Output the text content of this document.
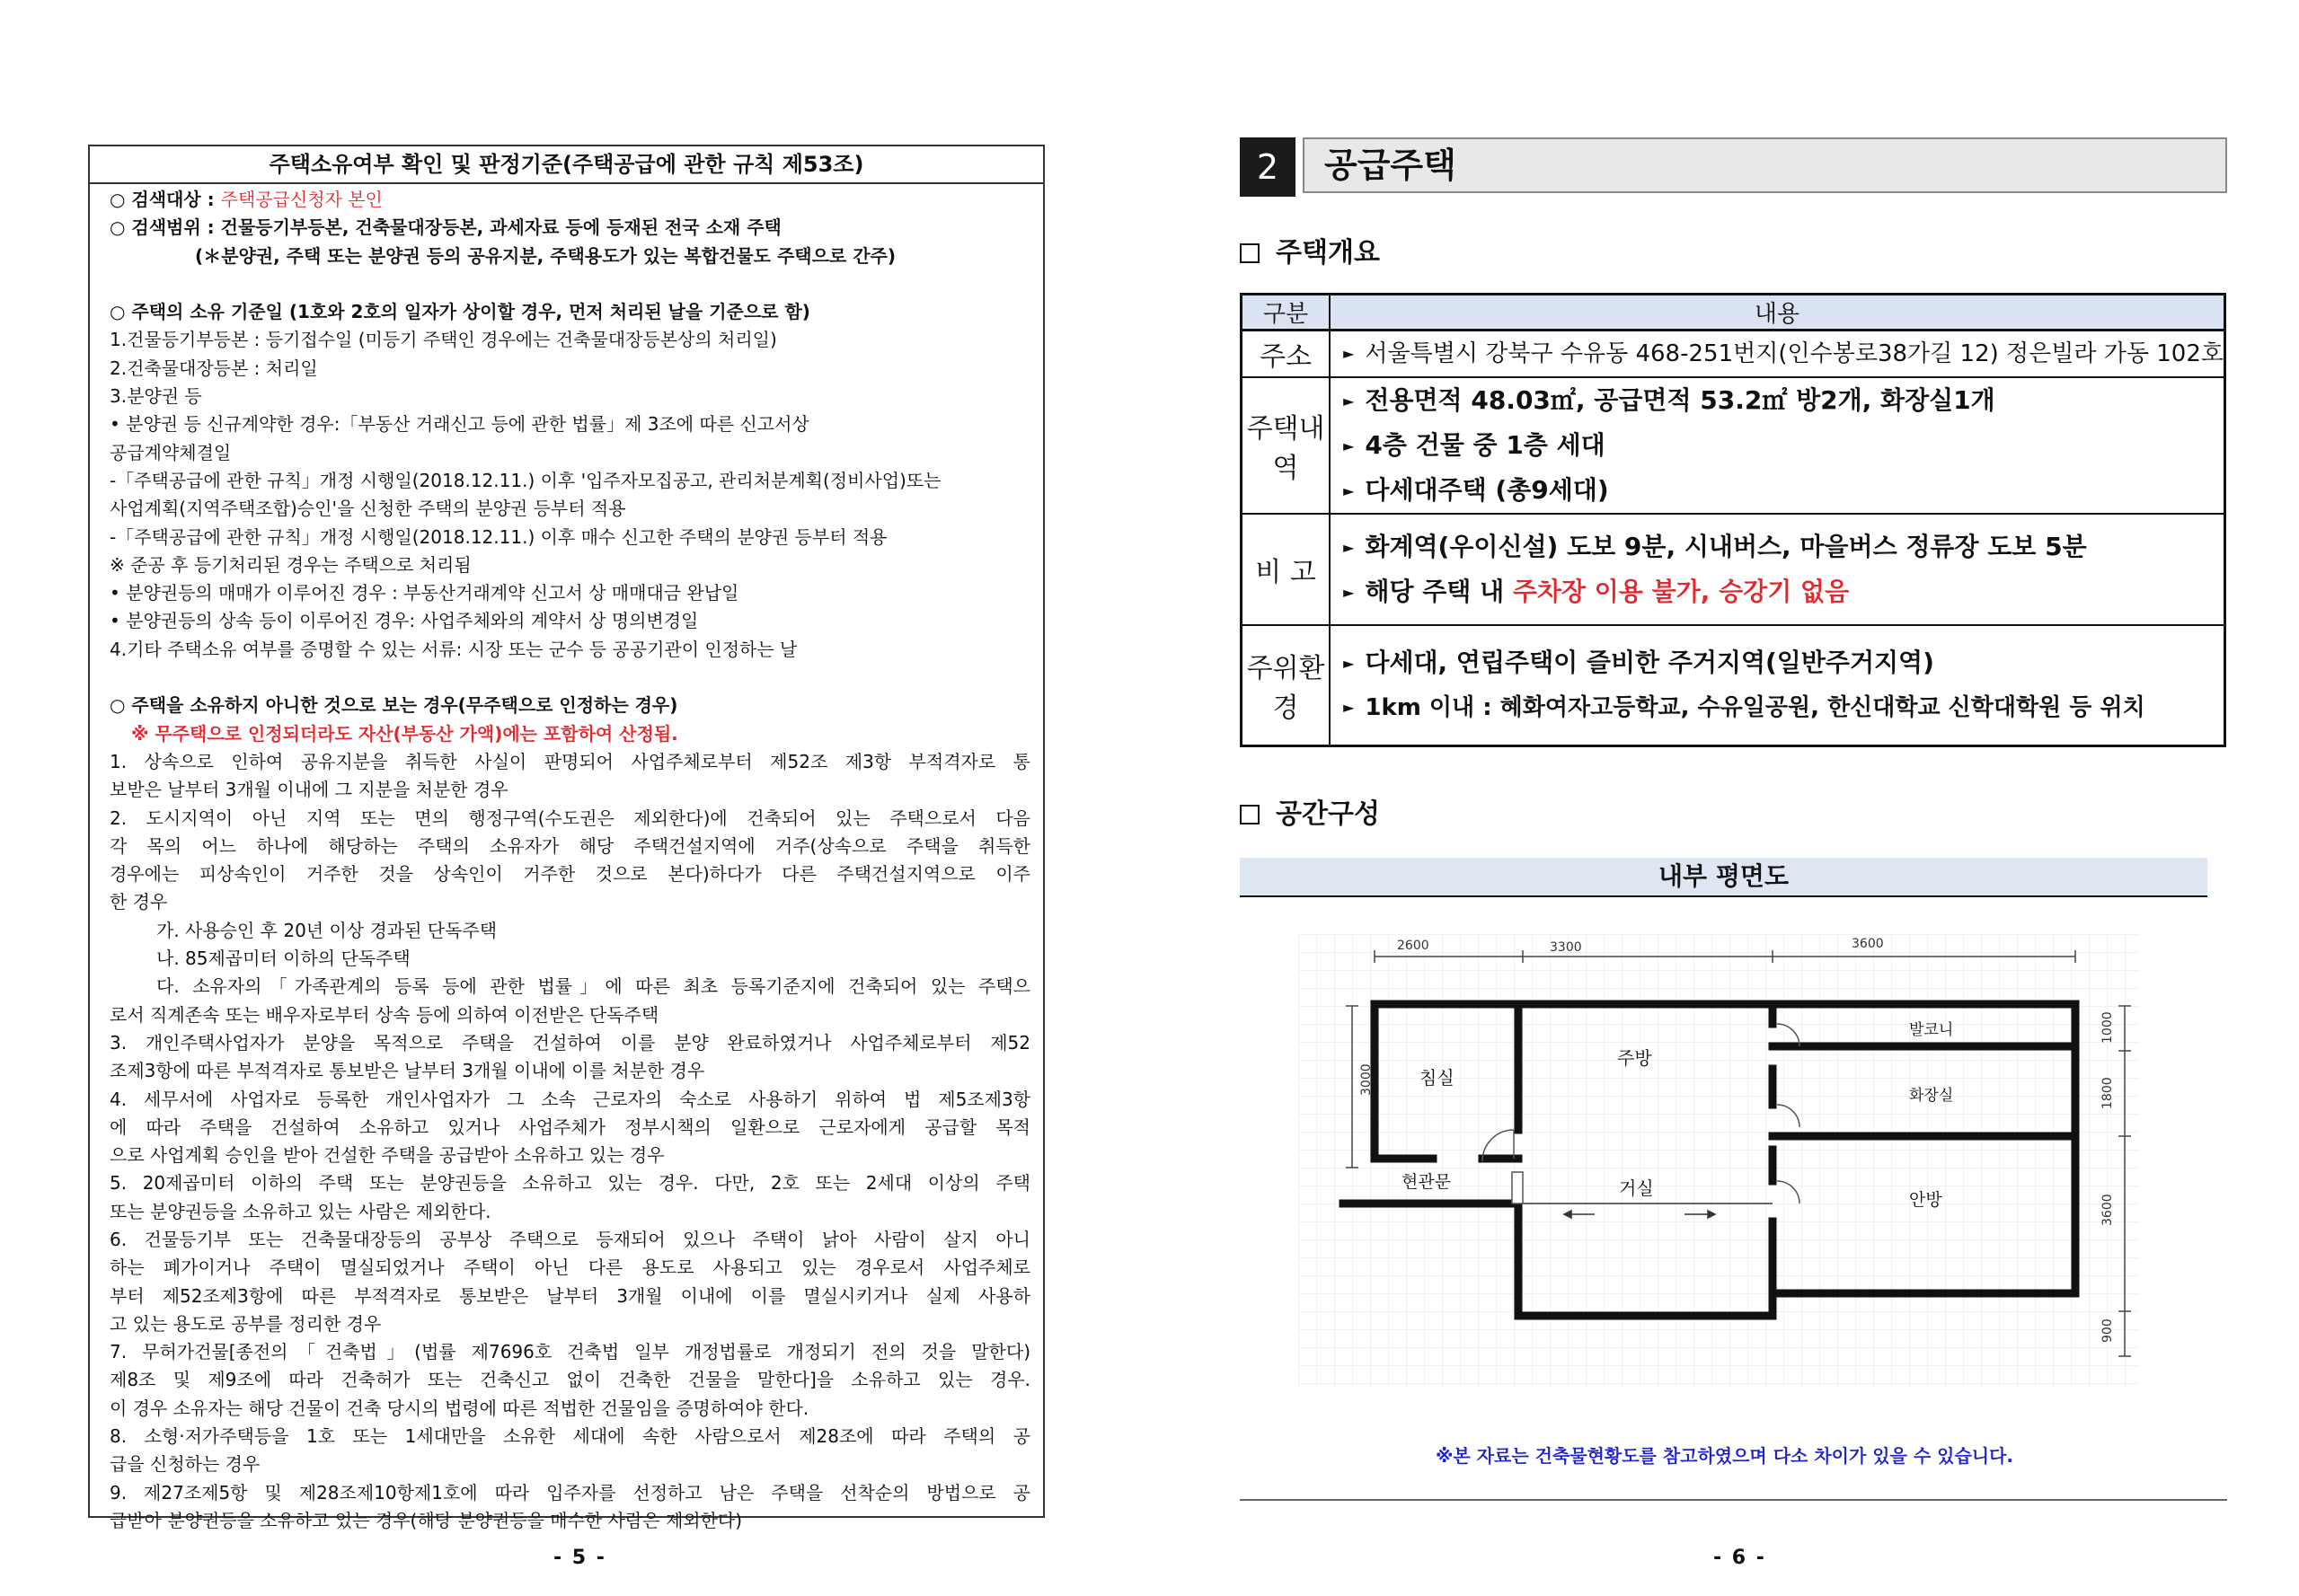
주택소유여부 확인 및 판정기준(주택공급에 관한 규칙 제53조)
○ 검색대상 : 주택공급신청자 본인
○ 검색범위 : 건물등기부등본, 건축물대장등본, 과세자료 등에 등재된 전국 소재 주택
(＊분양권, 주택 또는 분양권 등의 공유지분, 주택용도가 있는 복합건물도 주택으로 간주)
○ 주택의 소유 기준일 (1호와 2호의 일자가 상이할 경우, 먼저 처리된 날을 기준으로 함)
1.건물등기부등본 : 등기접수일 (미등기 주택인 경우에는 건축물대장등본상의 처리일)
2.건축물대장등본 : 처리일
3.분양권 등
• 분양권 등 신규계약한 경우:「부동산 거래신고 등에 관한 법률」제 3조에 따른 신고서상
공급계약체결일
-「주택공급에 관한 규칙」개정 시행일(2018.12.11.) 이후 '입주자모집공고, 관리처분계획(정비사업)또는
사업계획(지역주택조합)승인'을 신청한 주택의 분양권 등부터 적용
-「주택공급에 관한 규칙」개정 시행일(2018.12.11.) 이후 매수 신고한 주택의 분양권 등부터 적용
※ 준공 후 등기처리된 경우는 주택으로 처리됨
• 분양권등의 매매가 이루어진 경우 : 부동산거래계약 신고서 상 매매대금 완납일
• 분양권등의 상속 등이 이루어진 경우: 사업주체와의 계약서 상 명의변경일
4.기타 주택소유 여부를 증명할 수 있는 서류: 시장 또는 군수 등 공공기관이 인정하는 날
○ 주택을 소유하지 아니한 것으로 보는 경우(무주택으로 인정하는 경우)
※ 무주택으로 인정되더라도 자산(부동산 가액)에는 포함하여 산정됨.
1. 상속으로 인하여 공유지분을 취득한 사실이 판명되어 사업주체로부터 제52조 제3항 부적격자로 통
보받은 날부터 3개월 이내에 그 지분을 처분한 경우
2. 도시지역이 아닌 지역 또는 면의 행정구역(수도권은 제외한다)에 건축되어 있는 주택으로서 다음
각 목의 어느 하나에 해당하는 주택의 소유자가 해당 주택건설지역에 거주(상속으로 주택을 취득한
경우에는 피상속인이 거주한 것을 상속인이 거주한 것으로 본다)하다가 다른 주택건설지역으로 이주
한 경우
가. 사용승인 후 20년 이상 경과된 단독주택
나. 85제곱미터 이하의 단독주택
다. 소유자의「가족관계의 등록 등에 관한 법률」에 따른 최초 등록기준지에 건축되어 있는 주택으
로서 직계존속 또는 배우자로부터 상속 등에 의하여 이전받은 단독주택
3. 개인주택사업자가 분양을 목적으로 주택을 건설하여 이를 분양 완료하였거나 사업주체로부터 제52
조제3항에 따른 부적격자로 통보받은 날부터 3개월 이내에 이를 처분한 경우
4. 세무서에 사업자로 등록한 개인사업자가 그 소속 근로자의 숙소로 사용하기 위하여 법 제5조제3항
에 따라 주택을 건설하여 소유하고 있거나 사업주체가 정부시책의 일환으로 근로자에게 공급할 목적
으로 사업계획 승인을 받아 건설한 주택을 공급받아 소유하고 있는 경우
5. 20제곱미터 이하의 주택 또는 분양권등을 소유하고 있는 경우. 다만, 2호 또는 2세대 이상의 주택
또는 분양권등을 소유하고 있는 사람은 제외한다.
6. 건물등기부 또는 건축물대장등의 공부상 주택으로 등재되어 있으나 주택이 낡아 사람이 살지 아니
하는 폐가이거나 주택이 멸실되었거나 주택이 아닌 다른 용도로 사용되고 있는 경우로서 사업주체로
부터 제52조제3항에 따른 부적격자로 통보받은 날부터 3개월 이내에 이를 멸실시키거나 실제 사용하
고 있는 용도로 공부를 정리한 경우
7. 무허가건물[종전의「건축법」(법률 제7696호 건축법 일부 개정법률로 개정되기 전의 것을 말한다)
제8조 및 제9조에 따라 건축허가 또는 건축신고 없이 건축한 건물을 말한다]을 소유하고 있는 경우.
이 경우 소유자는 해당 건물이 건축 당시의 법령에 따른 적법한 건물임을 증명하여야 한다.
8. 소형·저가주택등을 1호 또는 1세대만을 소유한 세대에 속한 사람으로서 제28조에 따라 주택의 공
급을 신청하는 경우
9. 제27조제5항 및 제28조제10항제1호에 따라 입주자를 선정하고 남은 주택을 선착순의 방법으로 공
급받아 분양권등을 소유하고 있는 경우(해당 분양권등을 매수한 사람은 제외한다)
- 5 -
2	공급주택
주택개요
구분	내용
주소	► 서울특별시 강북구 수유동 468-251번지(인수봉로38가길 12) 정은빌라 가동 102호

주택내역	► 전용면적 48.03㎡, 공급면적 53.2㎡ 방2개, 화장실1개
► 4층 건물 중 1층 세대
► 다세대주택 (총9세대)

비 고	► 화계역(우이신설) 도보 9분, 시내버스, 마을버스 정류장 도보 5분
► 해당 주택 내 주차장 이용 불가, 승강기 없음

주위환경	► 다세대, 연립주택이 즐비한 주거지역(일반주거지역)
► 1km 이내 : 혜화여자고등학교, 수유일공원, 한신대학교 신학대학원 등 위치
공간구성
내부 평면도
2600	3300	3600
3000
1000
1800
3600
900
침실
주방
발코니
화장실
현관문	거실
안방
※본 자료는 건축물현황도를 참고하였으며 다소 차이가 있을 수 있습니다.
- 6 -
